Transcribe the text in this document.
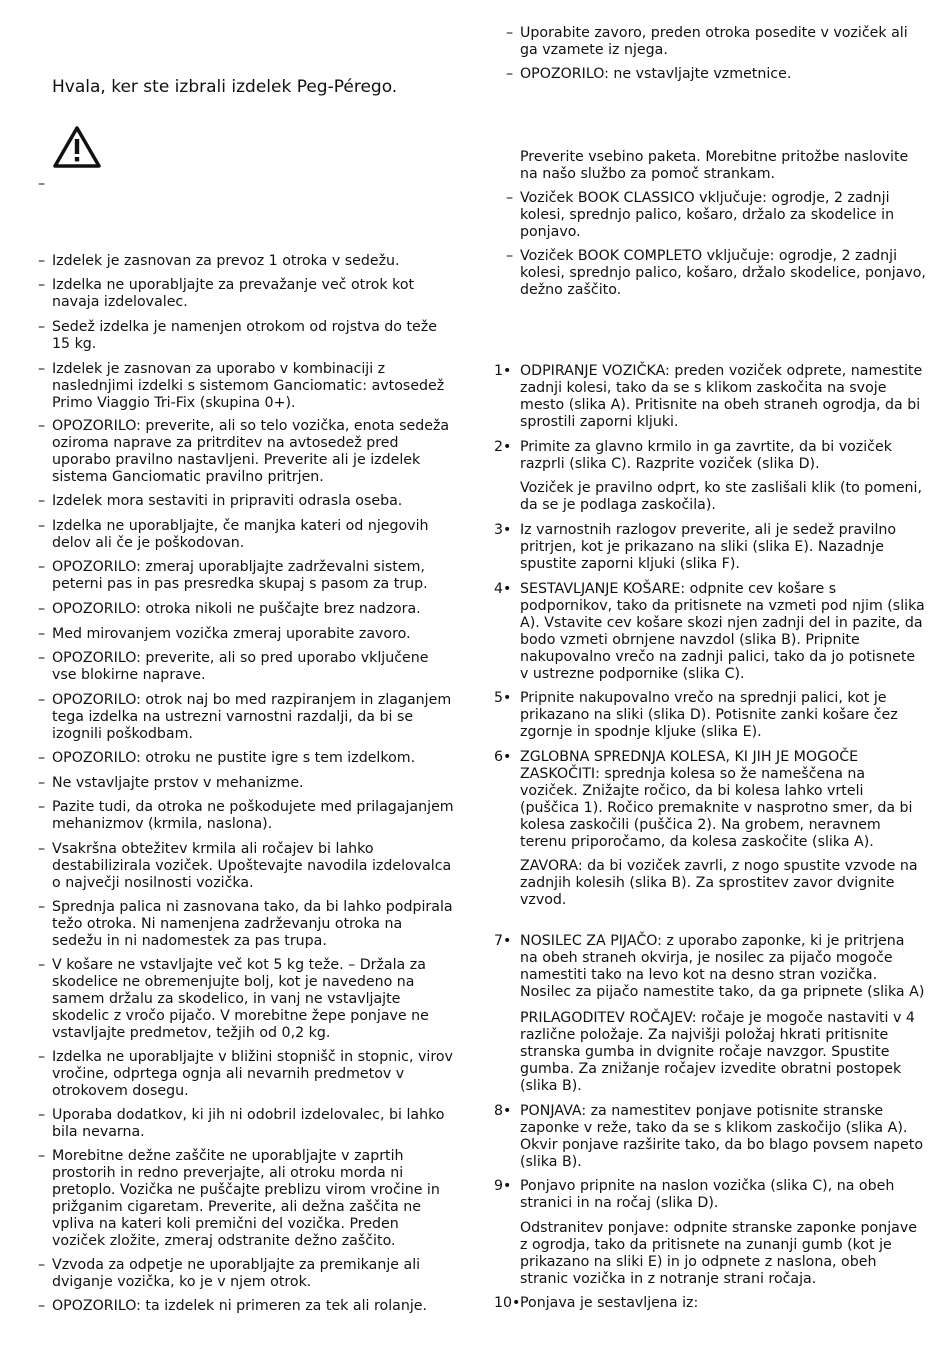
Hvala, ker ste izbrali izdelek Peg-Pérego.
–
– Izdelek je zasnovan za prevoz 1 otroka v sedežu.
– Izdelka ne uporabljajte za prevažanje več otrok kot navaja izdelovalec.
– Sedež izdelka je namenjen otrokom od rojstva do teže 15 kg.
– Izdelek je zasnovan za uporabo v kombinaciji z naslednjimi izdelki s sistemom Ganciomatic: avtosedež Primo Viaggio Tri-Fix (skupina 0+).
– OPOZORILO: preverite, ali so telo vozička, enota sedeža oziroma naprave za pritrditev na avtosedež pred uporabo pravilno nastavljeni. Preverite ali je izdelek sistema Ganciomatic pravilno pritrjen.
– Izdelek mora sestaviti in pripraviti odrasla oseba.
– Izdelka ne uporabljajte, če manjka kateri od njegovih delov ali če je poškodovan.
– OPOZORILO: zmeraj uporabljajte zadrževalni sistem, peterni pas in pas presredka skupaj s pasom za trup.
– OPOZORILO: otroka nikoli ne puščajte brez nadzora.
– Med mirovanjem vozička zmeraj uporabite zavoro.
– OPOZORILO: preverite, ali so pred uporabo vklјučene vse blokirne naprave.
– OPOZORILO: otrok naj bo med razpiranjem in zlaganjem tega izdelka na ustrezni varnostni razdalji, da bi se izognili poškodbam.
– OPOZORILO: otroku ne pustite igre s tem izdelkom.
– Ne vstavljajte prstov v mehanizme.
– Pazite tudi, da otroka ne poškodujete med prilagajanjem mehanizmov (krmila, naslona).
– Vsakršna obtežitev krmila ali ročajev bi lahko destabilizirala voziček. Upoštevajte navodila izdelovalca o največji nosilnosti vozička.
– Sprednja palica ni zasnovana tako, da bi lahko podpirala težo otroka. Ni namenjena zadrževanju otroka na sedežu in ni nadomestek za pas trupa.
– V košare ne vstavljajte več kot 5 kg teže. – Držala za skodelice ne obremenjujte bolj, kot je navedeno na samem držalu za skodelico, in vanj ne vstavljajte skodelic z vročo pijačo. V morebitne žepe ponjave ne vstavljajte predmetov, težjih od 0,2 kg.
– Izdelka ne uporabljajte v bližini stopnišč in stopnic, virov vročine, odprtega ognja ali nevarnih predmetov v otrokovem dosegu.
– Uporaba dodatkov, ki jih ni odobril izdelovalec, bi lahko bila nevarna.
– Morebitne dežne zaščite ne uporabljajte v zaprtih prostorih in redno preverjajte, ali otroku morda ni pretoplo. Vozička ne puščajte preblizu virom vročine in prižganim cigaretam. Preverite, ali dežna zaščita ne vpliva na kateri koli premični del vozička. Preden voziček zložite, zmeraj odstranite dežno zaščito.
– Vzvoda za odpetje ne uporabljajte za premikanje ali dviganje vozička, ko je v njem otrok.
– OPOZORILO: ta izdelek ni primeren za tek ali rolanje.
– Uporabite zavoro, preden otroka posedite v voziček ali ga vzamete iz njega.
– OPOZORILO: ne vstavljajte vzmetnice.
Preverite vsebino paketa. Morebitne pritožbe naslovite na našo službo za pomoč strankam.
– Voziček BOOK CLASSICO vključuje: ogrodje, 2 zadnji kolesi, sprednjo palico, košaro, držalo za skodelice in ponjavo.
– Voziček BOOK COMPLETO vključuje: ogrodje, 2 zadnji kolesi, sprednjo palico, košaro, držalo skodelice, ponjavo, dežno zaščito.
1• ODPIRANJE VOZIČKA: preden voziček odprete, namestite zadnji kolesi, tako da se s klikom zaskočita na svoje mesto (slika A). Pritisnite na obeh straneh ogrodja, da bi sprostili zaporni kljuki.
2• Primite za glavno krmilo in ga zavrtite, da bi voziček razprli (slika C). Razprite voziček (slika D).
Voziček je pravilno odprt, ko ste zaslišali klik (to pomeni, da se je podlaga zaskočila).
3• Iz varnostnih razlogov preverite, ali je sedež pravilno pritrjen, kot je prikazano na sliki (slika E). Nazadnje spustite zaporni kljuki (slika F).
4• SESTAVLJANJE KOŠARE: odpnite cev košare s podpornikov, tako da pritisnete na vzmeti pod njim (slika A). Vstavite cev košare skozi njen zadnji del in pazite, da bodo vzmeti obrnjene navzdol (slika B). Pripnite nakupovalno vrečo na zadnji palici, tako da jo potisnete v ustrezne podpornike (slika C).
5• Pripnite nakupovalno vrečo na sprednji palici, kot je prikazano na sliki (slika D). Potisnite zanki košare čez zgornje in spodnje kljuke (slika E).
6• ZGLOBNA SPREDNJA KOLESA, KI JIH JE MOGOČE ZASKOČITI: sprednja kolesa so že nameščena na voziček. Znižajte ročico, da bi kolesa lahko vrteli (puščica 1). Ročico premaknite v nasprotno smer, da bi kolesa zaskočili (puščica 2). Na grobem, neravnem terenu priporočamo, da kolesa zaskočite (slika A).
ZAVORA: da bi voziček zavrli, z nogo spustite vzvode na zadnjih kolesih (slika B). Za sprostitev zavor dvignite vzvod.
7• NOSILEC ZA PIJAČO: z uporabo zaponke, ki je pritrjena na obeh straneh okvirja, je nosilec za pijačo mogoče namestiti tako na levo kot na desno stran vozička. Nosilec za pijačo namestite tako, da ga pripnete (slika A)
PRILAGODITEV ROČAJEV: ročaje je mogoče nastaviti v 4 različne položaje. Za najvišji položaj hkrati pritisnite stranska gumba in dvignite ročaje navzgor. Spustite gumba. Za znižanje ročajev izvedite obratni postopek (slika B).
8• PONJAVA: za namestitev ponjave potisnite stranske zaponke v reže, tako da se s klikom zaskočijo (slika A). Okvir ponjave razširite tako, da bo blago povsem napeto (slika B).
9• Ponjavo pripnite na naslon vozička (slika C), na obeh stranici in na ročaj (slika D).
Odstranitev ponjave: odpnite stranske zaponke ponjave z ogrodja, tako da pritisnete na zunanji gumb (kot je prikazano na sliki E) in jo odpnete z naslona, obeh stranic vozička in z notranje strani ročaja.
10• Ponjava je sestavljena iz:
